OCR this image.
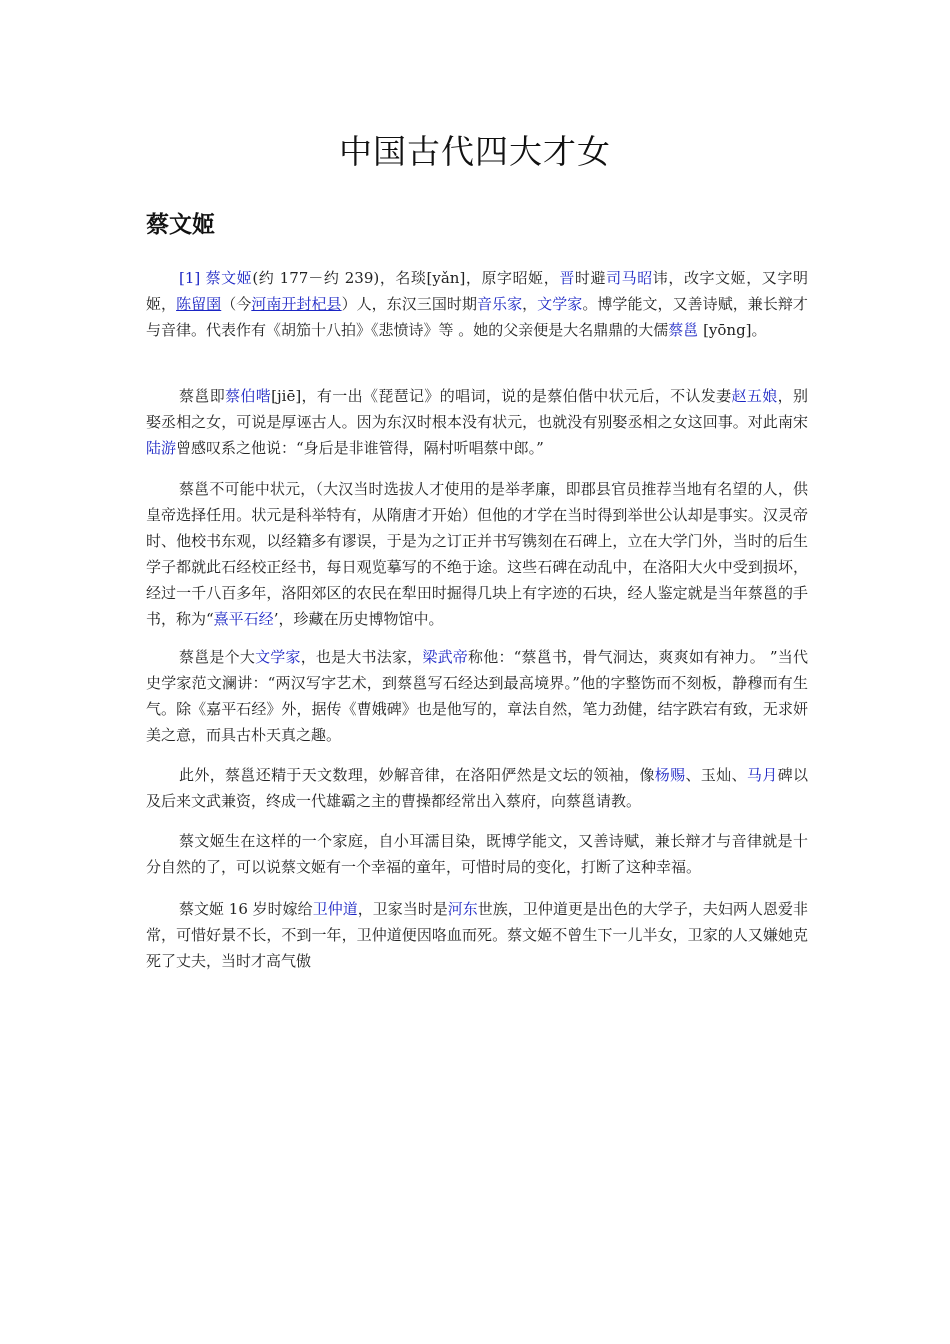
中国古代四大才女
蔡文姬

[1] 蔡文姬(约 177－约 239)，名琰[yǎn]，原字昭姬，晋时避司马昭讳，改字文姬，又字明姬，陈留圉（今河南开封杞县）人，东汉三国时期音乐家，文学家。博学能文，又善诗赋，兼长辩才与音律。代表作有《胡笳十八拍》《悲愤诗》等 。她的父亲便是大名鼎鼎的大儒蔡邕 [yōng]。

蔡邕即蔡伯喈[jiē]，有一出《琵琶记》的唱词，说的是蔡伯偕中状元后，不认发妻赵五娘，别娶丞相之女，可说是厚诬古人。因为东汉时根本没有状元，也就没有别娶丞相之女这回事。对此南宋陆游曾感叹系之他说：“身后是非谁管得，隔村听唱蔡中郎。”

蔡邕不可能中状元，（大汉当时选拔人才使用的是举孝廉，即郡县官员推荐当地有名望的人，供皇帝选择任用。状元是科举特有，从隋唐才开始）但他的才学在当时得到举世公认却是事实。汉灵帝时、他校书东观，以经籍多有谬误，于是为之订正并书写镌刻在石碑上，立在大学门外，当时的后生学子都就此石经校正经书，每日观览摹写的不绝于途。这些石碑在动乱中，在洛阳大火中受到损坏，经过一千八百多年，洛阳郊区的农民在犁田时掘得几块上有字迹的石块，经人鉴定就是当年蔡邕的手书，称为“熹平石经’，珍藏在历史博物馆中。

蔡邕是个大文学家，也是大书法家，梁武帝称他：“蔡邕书，骨气洞达，爽爽如有神力。 ”当代史学家范文澜讲：“两汉写字艺术，到蔡邕写石经达到最高境界。”他的字整饬而不刻板，静穆而有生气。除《嘉平石经》外，据传《曹娥碑》也是他写的，章法自然，笔力劲健，结字跌宕有致，无求妍美之意，而具古朴天真之趣。

此外，蔡邕还精于天文数理，妙解音律，在洛阳俨然是文坛的领袖，像杨赐、玉灿、马月碑以及后来文武兼资，终成一代雄霸之主的曹操都经常出入蔡府，向蔡邕请教。

蔡文姬生在这样的一个家庭，自小耳濡目染，既博学能文，又善诗赋，兼长辩才与音律就是十分自然的了，可以说蔡文姬有一个幸福的童年，可惜时局的变化，打断了这种幸福。

蔡文姬 16 岁时嫁给卫仲道，卫家当时是河东世族，卫仲道更是出色的大学子，夫妇两人恩爱非常，可惜好景不长，不到一年，卫仲道便因咯血而死。蔡文姬不曾生下一儿半女，卫家的人又嫌她克死了丈夫，当时才高气傲
